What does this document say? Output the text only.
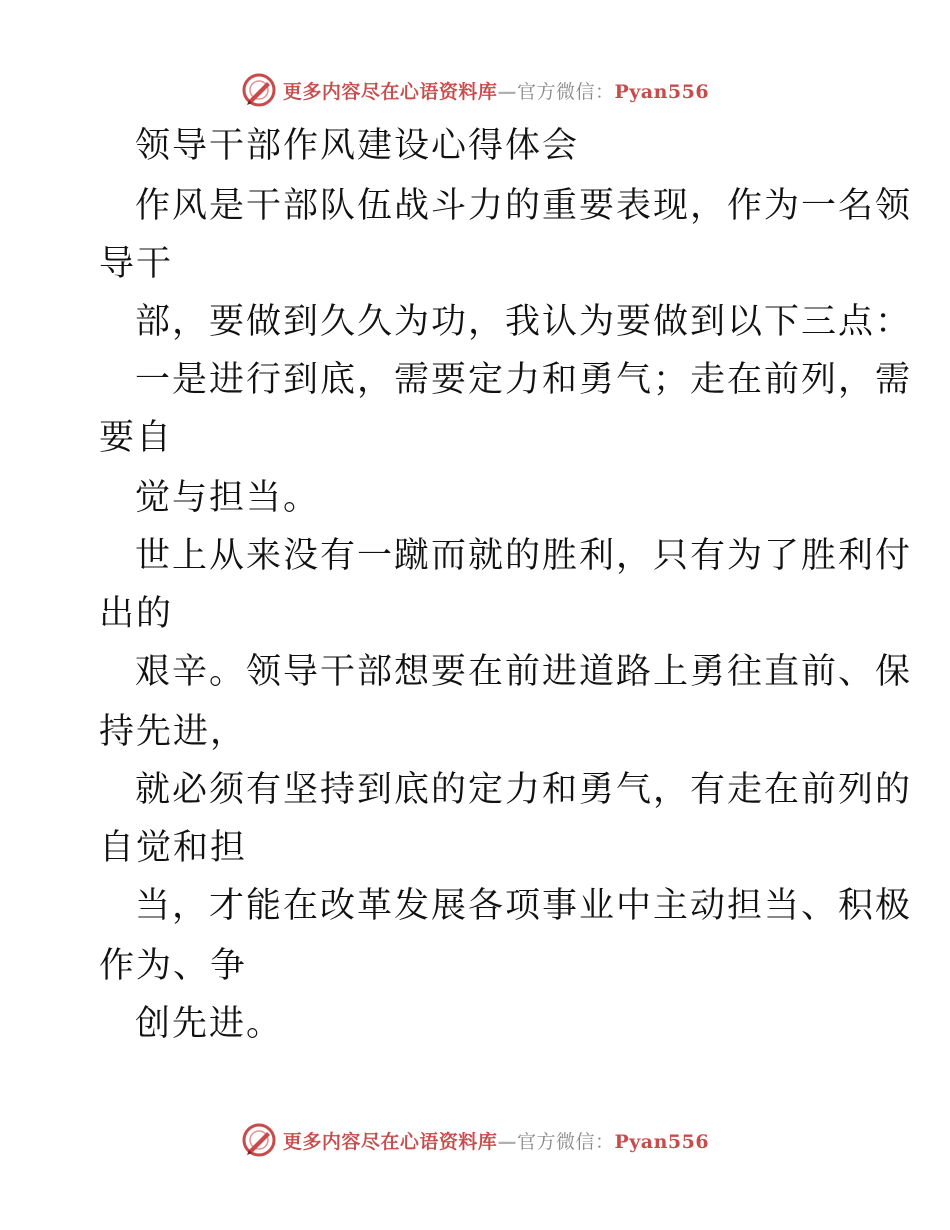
更多内容尽在心语资料库—官方微信：Pyan556
领导干部作风建设心得体会
作风是干部队伍战斗力的重要表现，作为一名领
导干
部，要做到久久为功，我认为要做到以下三点：
一是进行到底，需要定力和勇气；走在前列，需
要自
觉与担当。
世上从来没有一蹴而就的胜利，只有为了胜利付
出的
艰辛。领导干部想要在前进道路上勇往直前、保
持先进，
就必须有坚持到底的定力和勇气，有走在前列的
自觉和担
当，才能在改革发展各项事业中主动担当、积极
作为、争
创先进。
更多内容尽在心语资料库—官方微信：Pyan556
